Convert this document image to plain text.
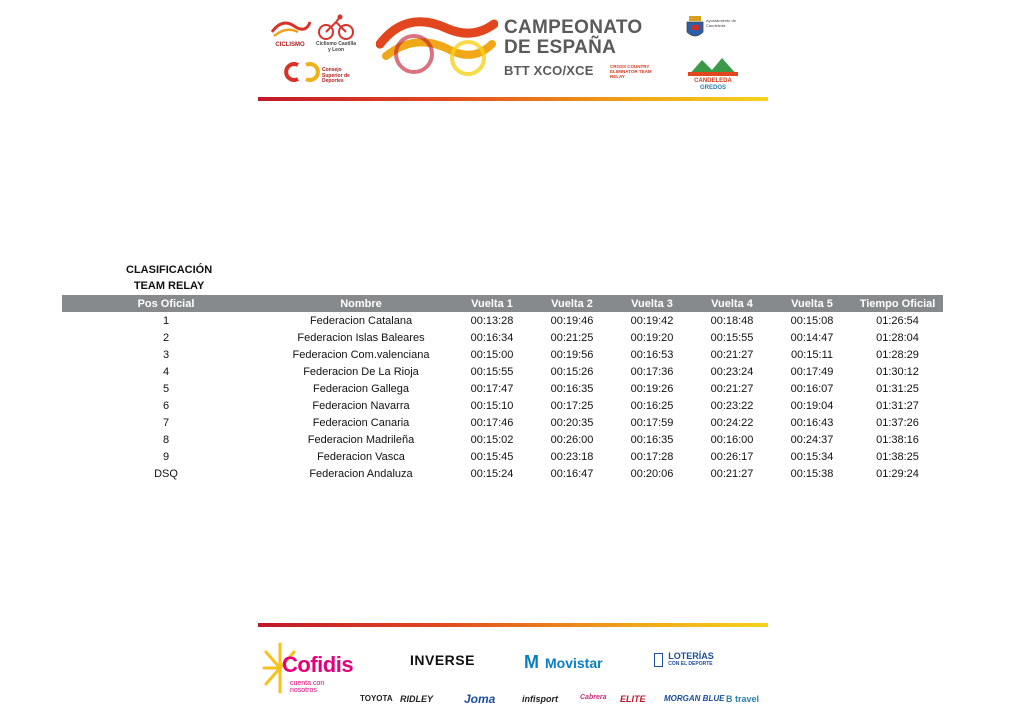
CICLISMO	Ciclismo Castilla y Leon
Consejo Superior de Deportes
CAMPEONATO
DE ESPAÑA
BTT XCO/XCE	CROSS COUNTRY ELIMINATOR TEAM RELAY
Ayuntamiento de Candeleda
CANDELEDA
GREDOS
CLASIFICACIÓN
TEAM RELAY
Pos Oficial	Nombre	Vuelta 1	Vuelta 2	Vuelta 3	Vuelta 4	Vuelta 5	Tiempo Oficial
1	Federacion Catalana	00:13:28	00:19:46	00:19:42	00:18:48	00:15:08	01:26:54
2	Federacion Islas Baleares	00:16:34	00:21:25	00:19:20	00:15:55	00:14:47	01:28:04
3	Federacion Com.valenciana	00:15:00	00:19:56	00:16:53	00:21:27	00:15:11	01:28:29
4	Federacion De La Rioja	00:15:55	00:15:26	00:17:36	00:23:24	00:17:49	01:30:12
5	Federacion Gallega	00:17:47	00:16:35	00:19:26	00:21:27	00:16:07	01:31:25
6	Federacion Navarra	00:15:10	00:17:25	00:16:25	00:23:22	00:19:04	01:31:27
7	Federacion Canaria	00:17:46	00:20:35	00:17:59	00:24:22	00:16:43	01:37:26
8	Federacion Madrileña	00:15:02	00:26:00	00:16:35	00:16:00	00:24:37	01:38:16
9	Federacion Vasca	00:15:45	00:23:18	00:17:28	00:26:17	00:15:34	01:38:25
DSQ	Federacion Andaluza	00:15:24	00:16:47	00:20:06	00:21:27	00:15:38	01:29:24
Cofidis
cuenta con
nosotros
INVERSE	M Movistar
	LOTERÍAS
CON EL DEPORTE
TOYOTA RIDLEY	Joma	infisport	Cabrera ELITE MORGAN BLUE B travel
